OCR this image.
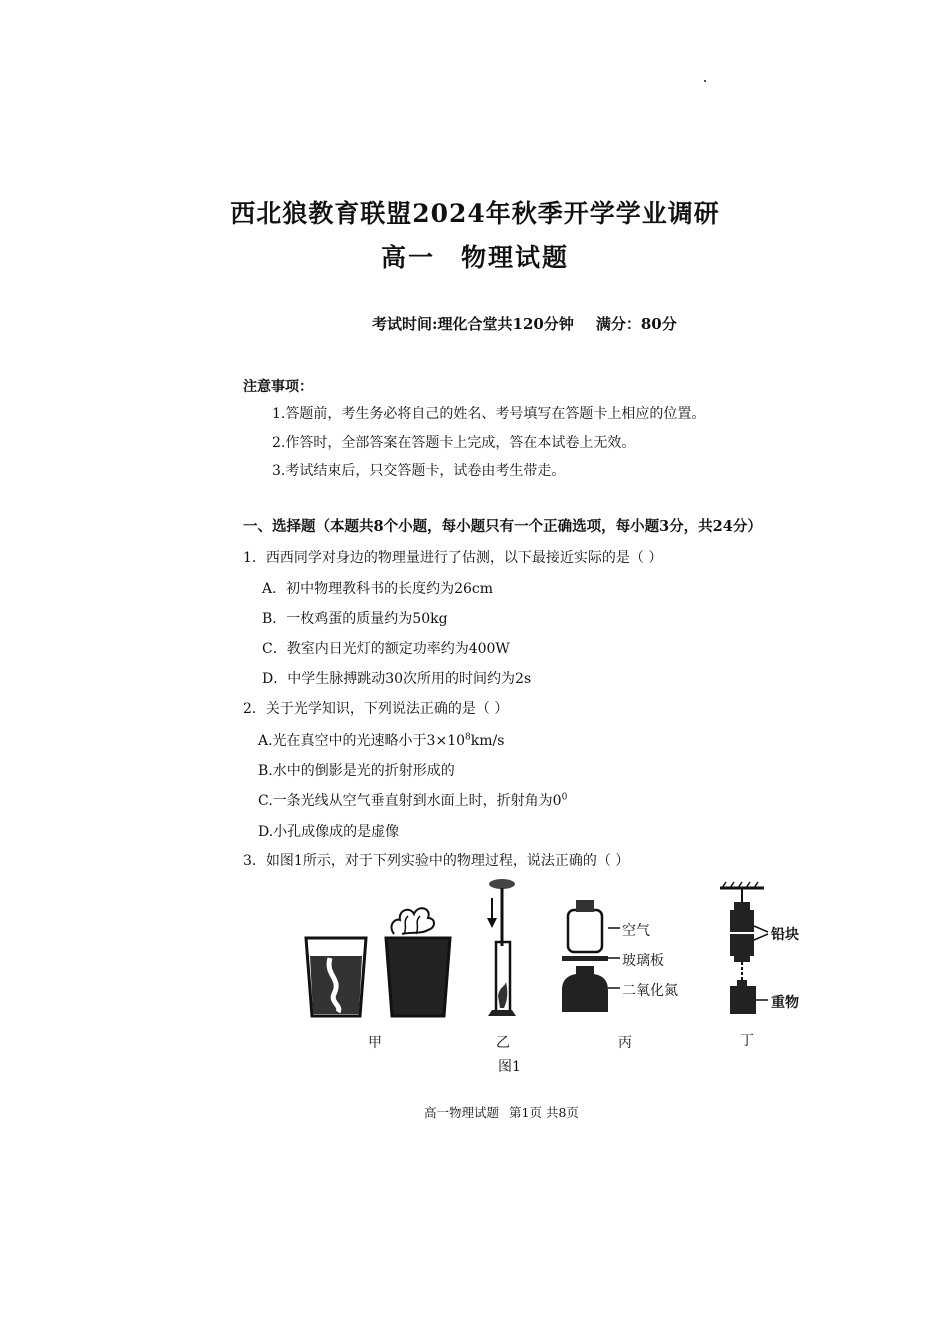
西北狼教育联盟2024年秋季开学学业调研
高一 物理试题
考试时间:理化合堂共120分钟 满分：80分
注意事项：
1.答题前，考生务必将自己的姓名、考号填写在答题卡上相应的位置。
2.作答时，全部答案在答题卡上完成，答在本试卷上无效。
3.考试结束后，只交答题卡，试卷由考生带走。
一、选择题（本题共8个小题，每小题只有一个正确选项，每小题3分，共24分）
1．西西同学对身边的物理量进行了估测，以下最接近实际的是（ ）
A．初中物理教科书的长度约为26cm
B．一枚鸡蛋的质量约为50kg
C．教室内日光灯的额定功率约为400W
D．中学生脉搏跳动30次所用的时间约为2s
2．关于光学知识，下列说法正确的是（ ）
A.光在真空中的光速略小于$3\times 10^8km/s$
B.水中的倒影是光的折射形成的
C.一条光线从空气垂直射到水面上时，折射角为$0^0$
D.小孔成像成的是虚像
3．如图1所示，对于下列实验中的物理过程，说法正确的（ ）
空气
玻璃板
二氧化氮
铅块
重物
甲	乙	丙	丁
图1
高一物理试题 第1页 共8页
